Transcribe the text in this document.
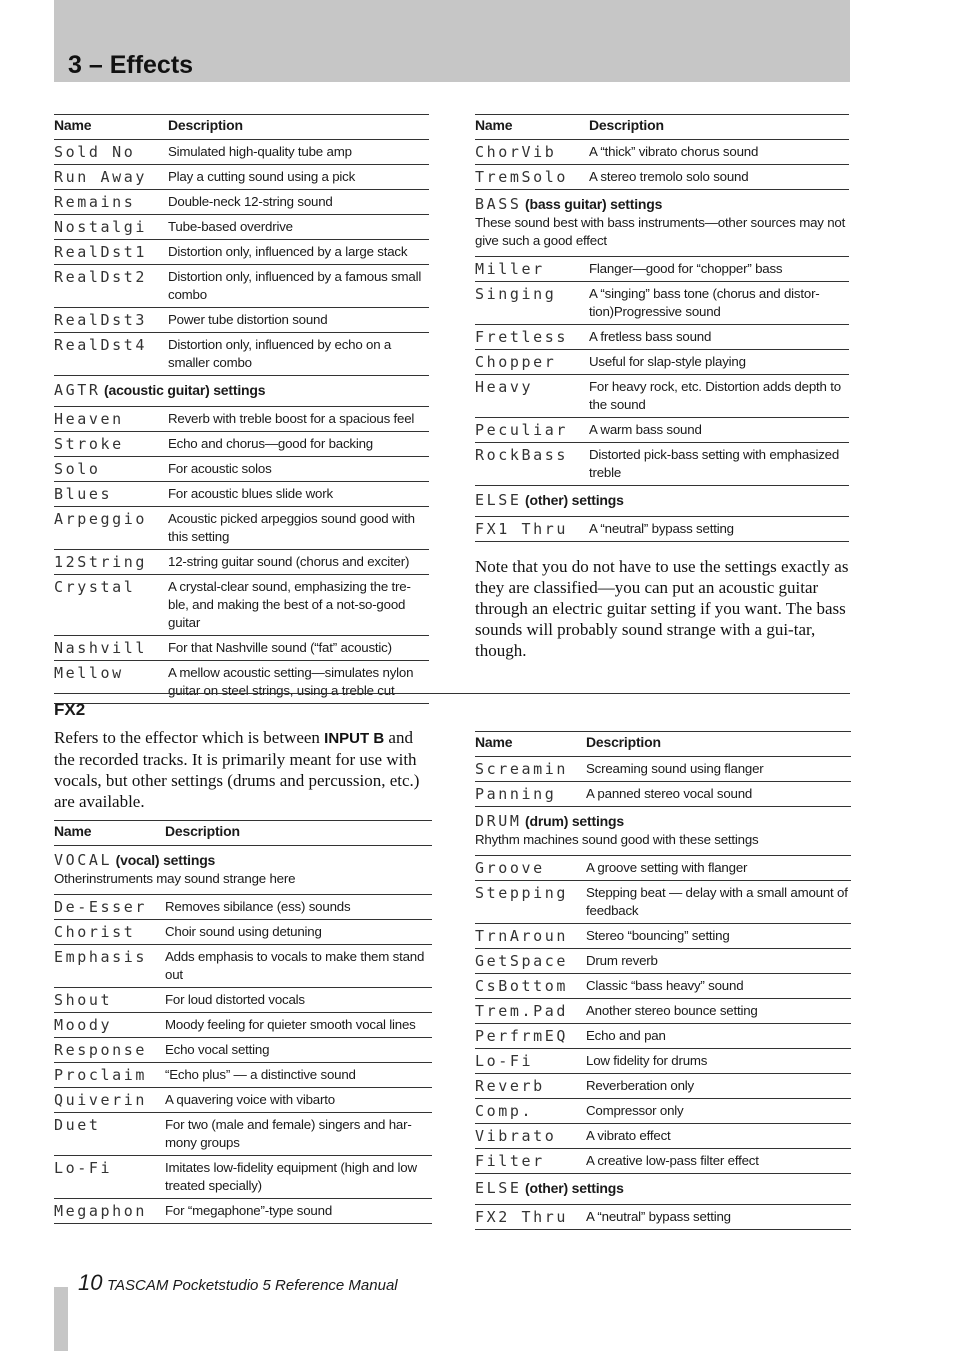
3 – Effects
Name	Description
Sold No	Simulated high-quality tube amp
Run Away	Play a cutting sound using a pick
Remains	Double-neck 12-string sound
Nostalgi	Tube-based overdrive
RealDst1	Distortion only, influenced by a large stack
RealDst2	Distortion only, influenced by a famous small combo
RealDst3	Power tube distortion sound
RealDst4	Distortion only, influenced by echo on a smaller combo
AGTR (acoustic guitar) settings	
Heaven	Reverb with treble boost for a spacious feel
Stroke	Echo and chorus—good for backing
Solo	For acoustic solos
Blues	For acoustic blues slide work
Arpeggio	Acoustic picked arpeggios sound good with this setting
12String	12-string guitar sound (chorus and exciter)
Crystal	A crystal-clear sound, emphasizing the tre-ble, and making the best of a not-so-good guitar
Nashvill	For that Nashville sound (“fat” acoustic)
Mellow	A mellow acoustic setting—simulates nylon guitar on steel strings, using a treble cut
Name	Description
ChorVib	A “thick” vibrato chorus sound
TremSolo	A stereo tremolo solo sound
BASS (bass guitar) settings
These sound best with bass instruments—other sources may not give such a good effect	

Miller	Flanger—good for “chopper” bass
Singing	A “singing” bass tone (chorus and distor-tion)Progressive sound
Fretless	A fretless bass sound
Chopper	Useful for slap-style playing
Heavy	For heavy rock, etc. Distortion adds depth to the sound
Peculiar	A warm bass sound
RockBass	Distorted pick-bass setting with emphasized treble
ELSE (other) settings	
FX1 Thru	A “neutral” bypass setting

Note that you do not have to use the settings exactly as they are classified—you can put an acoustic guitar through an electric guitar setting if you want. The bass sounds will probably sound strange with a gui-tar, though.

FX2

Refers to the effector which is between INPUT B and the recorded tracks. It is primarily meant for use with vocals, but other settings (drums and percussion, etc.) are available.

Name	Description
VOCAL (vocal) settings
Otherinstruments may sound strange here	

De-Esser	Removes sibilance (ess) sounds
Chorist	Choir sound using detuning
Emphasis	Adds emphasis to vocals to make them stand out
Shout	For loud distorted vocals
Moody	Moody feeling for quieter smooth vocal lines
Response	Echo vocal setting
Proclaim	“Echo plus” — a distinctive sound
Quiverin	A quavering voice with vibarto
Duet	For two (male and female) singers and har-mony groups
Lo-Fi	Imitates low-fidelity equipment (high and low treated specially)
Megaphon	For “megaphone”-type sound
Name	Description
Screamin	Screaming sound using flanger
Panning	A panned stereo vocal sound
DRUM (drum) settings
Rhythm machines sound good with these settings	

Groove	A groove setting with flanger
Stepping	Stepping beat — delay with a small amount of feedback
TrnAroun	Stereo “bouncing” setting
GetSpace	Drum reverb
CsBottom	Classic “bass heavy” sound
Trem.Pad	Another stereo bounce setting
PerfrmEQ	Echo and pan
Lo-Fi	Low fidelity for drums
Reverb	Reverberation only
Comp.	Compressor only
Vibrato	A vibrato effect
Filter	A creative low-pass filter effect
ELSE (other) settings	
FX2 Thru	A “neutral” bypass setting
10 TASCAM Pocketstudio 5 Reference Manual
